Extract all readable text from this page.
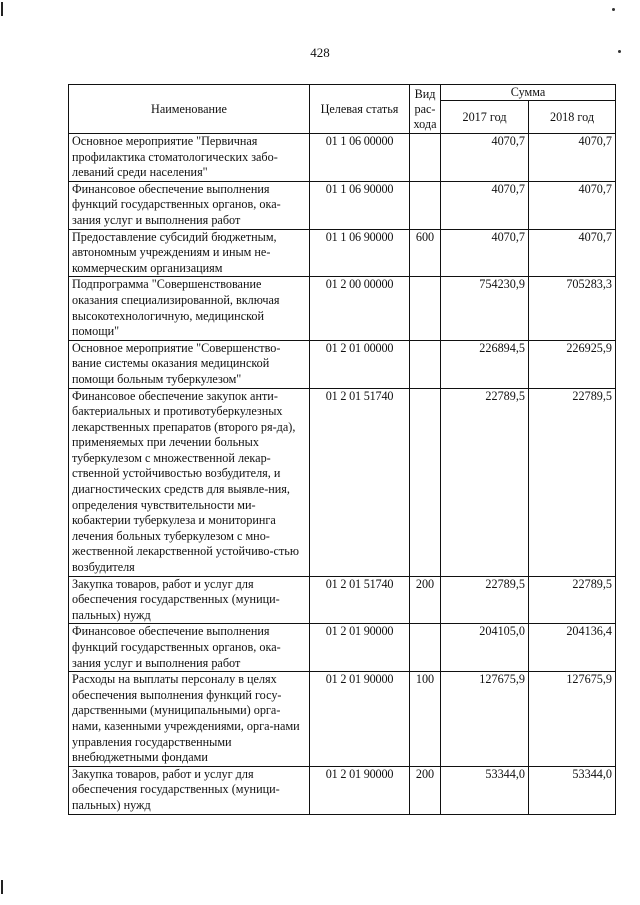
428
Наименование	Целевая статья	Вид рас-хода	Сумма	
			2017 год	2018 год
Основное мероприятие "Первичная профилактика стоматологических забо-леваний среди населения"	01 1 06 00000		4070,7	4070,7
Финансовое обеспечение выполнения функций государственных органов, ока-зания услуг и выполнения работ	01 1 06 90000		4070,7	4070,7
Предоставление субсидий бюджетным, автономным учреждениям и иным не-коммерческим организациям	01 1 06 90000	600	4070,7	4070,7
Подпрограмма "Совершенствование оказания специализированной, включая высокотехнологичную, медицинской помощи"	01 2 00 00000		754230,9	705283,3
Основное мероприятие "Совершенство-вание системы оказания медицинской помощи больным туберкулезом"	01 2 01 00000		226894,5	226925,9
Финансовое обеспечение закупок анти-бактериальных и противотуберкулезных лекарственных препаратов (второго ря-да), применяемых при лечении больных туберкулезом с множественной лекар-ственной устойчивостью возбудителя, и диагностических средств для выявле-ния, определения чувствительности ми-кобактерии туберкулеза и мониторинга лечения больных туберкулезом с мно-жественной лекарственной устойчиво-стью возбудителя	01 2 01 51740		22789,5	22789,5
Закупка товаров, работ и услуг для обеспечения государственных (муници-пальных) нужд	01 2 01 51740	200	22789,5	22789,5
Финансовое обеспечение выполнения функций государственных органов, ока-зания услуг и выполнения работ	01 2 01 90000		204105,0	204136,4
Расходы на выплаты персоналу в целях обеспечения выполнения функций госу-дарственными (муниципальными) орга-нами, казенными учреждениями, орга-нами управления государственными внебюджетными фондами	01 2 01 90000	100	127675,9	127675,9
Закупка товаров, работ и услуг для обеспечения государственных (муници-пальных) нужд	01 2 01 90000	200	53344,0	53344,0
